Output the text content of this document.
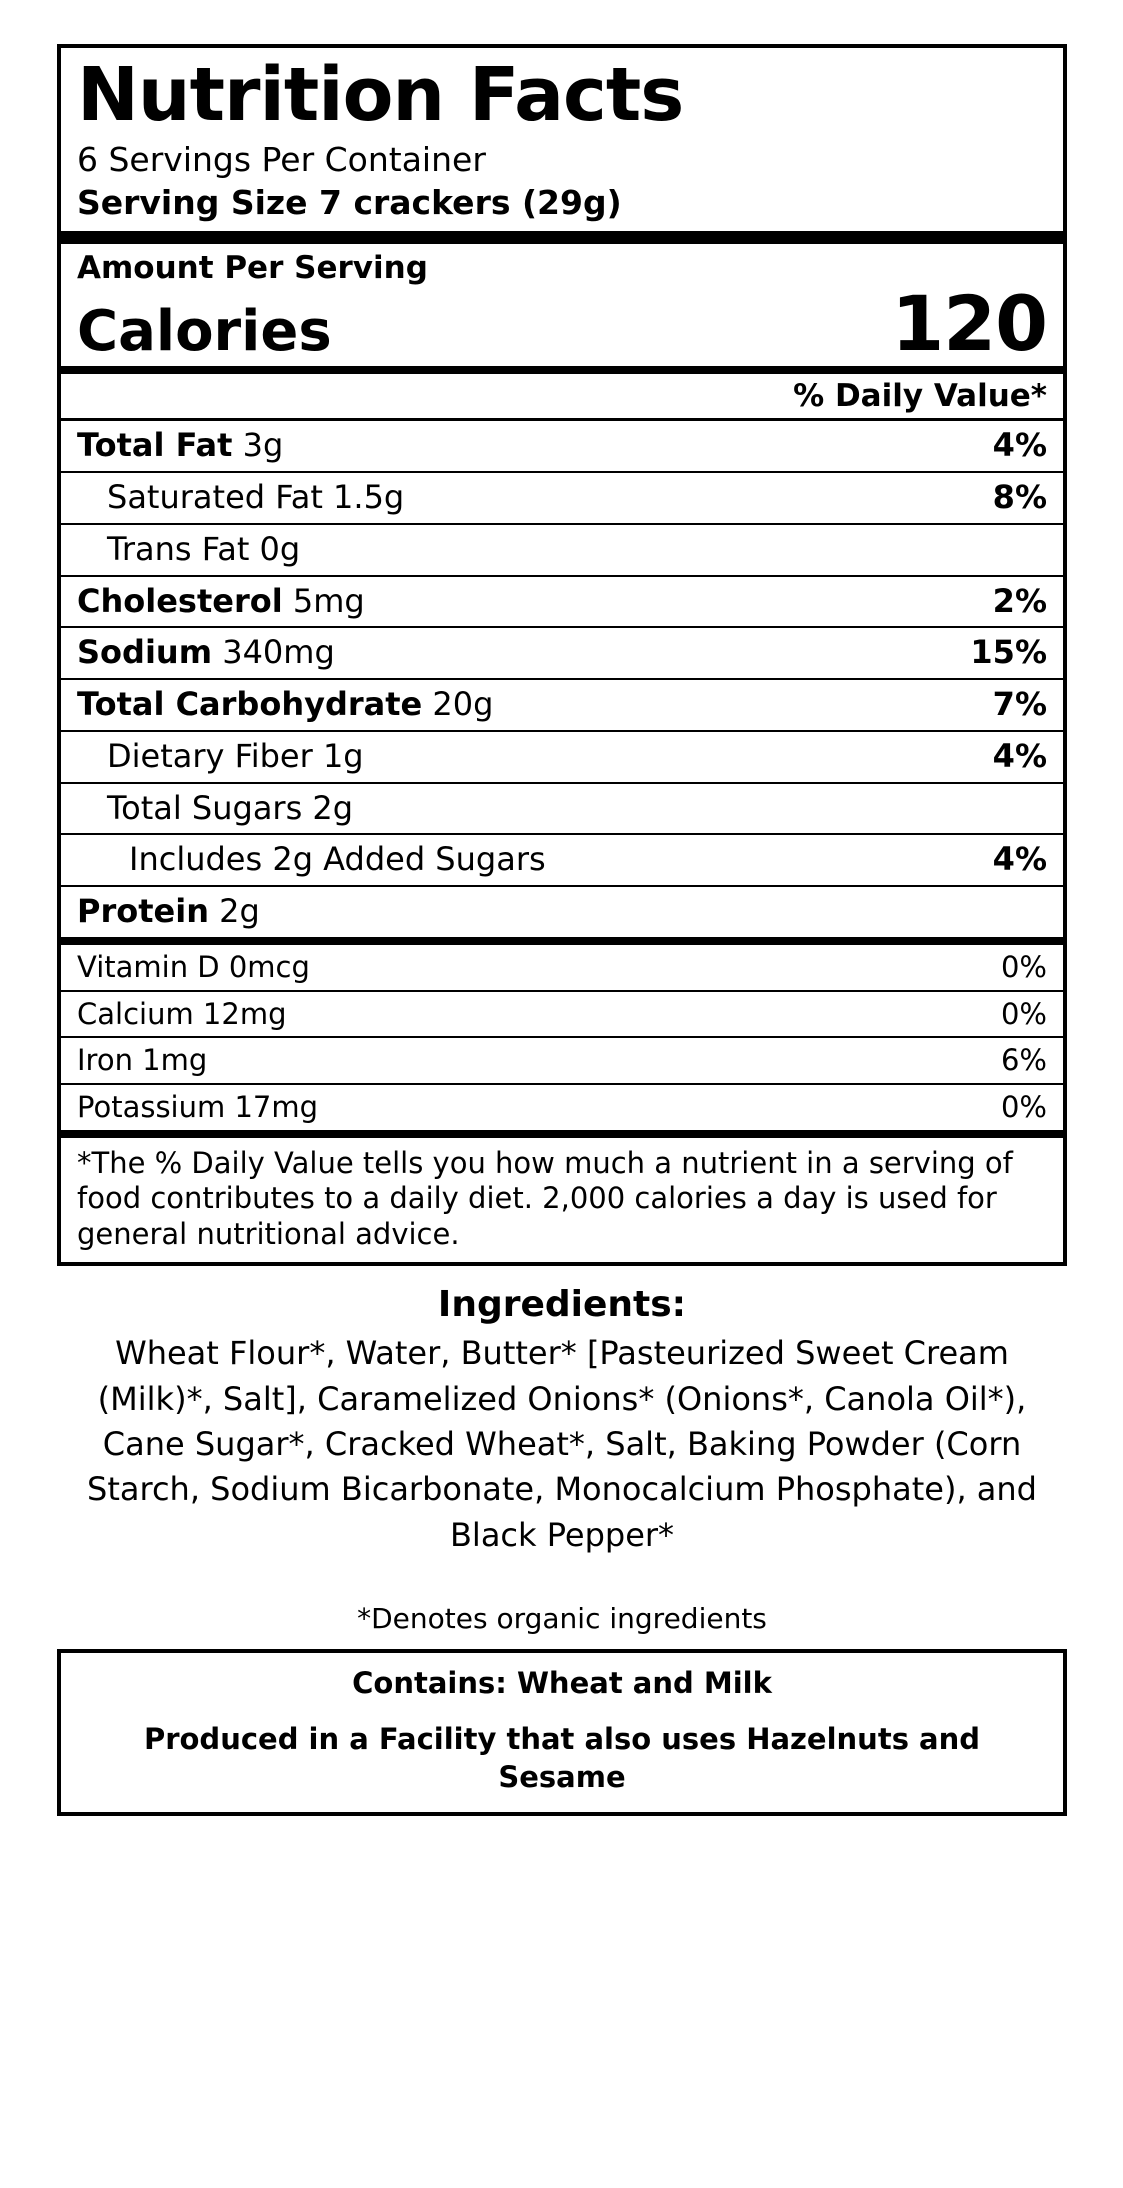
Nutrition Facts
6 Servings Per Container
Serving Size 7 crackers (29g)
Amount Per Serving
Calories	120
% Daily Value*
Total Fat 3g	4%
Saturated Fat 1.5g	8%
Trans Fat 0g
Cholesterol 5mg	2%
Sodium 340mg	15%
Total Carbohydrate 20g	7%
Dietary Fiber 1g	4%
Total Sugars 2g
Includes 2g Added Sugars	4%
Protein 2g
Vitamin D 0mcg	0%
Calcium 12mg	0%
Iron 1mg	6%
Potassium 17mg	0%
*The % Daily Value tells you how much a nutrient in a serving of food contributes to a daily diet. 2,000 calories a day is used for general nutritional advice.
Ingredients:
Wheat Flour*, Water, Butter* [Pasteurized Sweet Cream (Milk)*, Salt], Caramelized Onions* (Onions*, Canola Oil*), Cane Sugar*, Cracked Wheat*, Salt, Baking Powder (Corn Starch, Sodium Bicarbonate, Monocalcium Phosphate), and Black Pepper*
*Denotes organic ingredients
Contains: Wheat and Milk
Produced in a Facility that also uses Hazelnuts and Sesame
